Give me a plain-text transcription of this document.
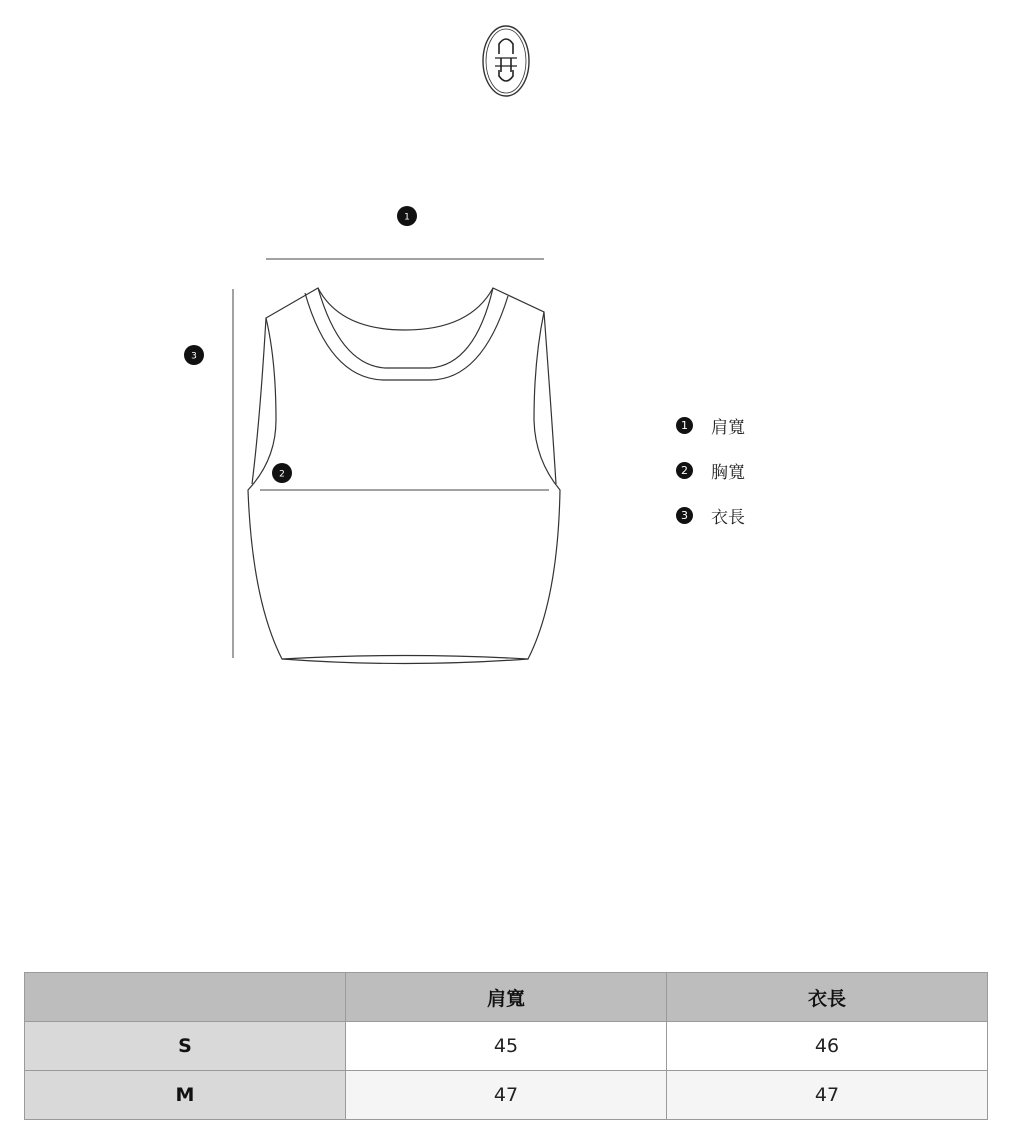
1
3
2
1 肩寬
2 胸寬
3 衣長
	肩寬	衣長
S	45	46
M	47	47
